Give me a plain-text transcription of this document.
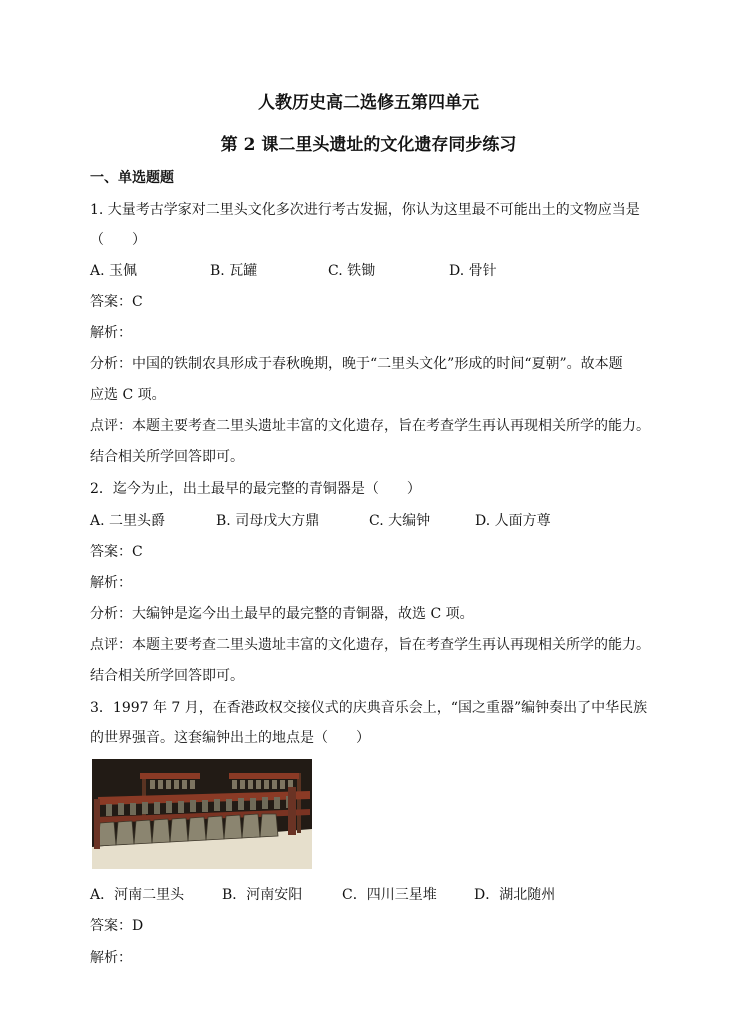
人教历史高二选修五第四单元
第 2 课二里头遗址的文化遗存同步练习
一、单选题题
1. 大量考古学家对二里头文化多次进行考古发掘，你认为这里最不可能出土的文物应当是
（　　）
A. 玉佩	B. 瓦罐	C. 铁锄	D. 骨针
答案：C
解析：
分析：中国的铁制农具形成于春秋晚期，晚于“二里头文化”形成的时间“夏朝”。故本题
应选 C 项。
点评：本题主要考查二里头遗址丰富的文化遗存，旨在考查学生再认再现相关所学的能力。
结合相关所学回答即可。
2．迄今为止，出土最早的最完整的青铜器是（　　）
A. 二里头爵	B. 司母戊大方鼎	C. 大编钟	D. 人面方尊
答案：C
解析：
分析：大编钟是迄今出土最早的最完整的青铜器，故选 C 项。
点评：本题主要考查二里头遗址丰富的文化遗存，旨在考查学生再认再现相关所学的能力。
结合相关所学回答即可。
3．1997 年 7 月，在香港政权交接仪式的庆典音乐会上，“国之重器”编钟奏出了中华民族
的世界强音。这套编钟出土的地点是（　　）
A．河南二里头	B．河南安阳	C．四川三星堆	D．湖北随州
答案：D
解析：
